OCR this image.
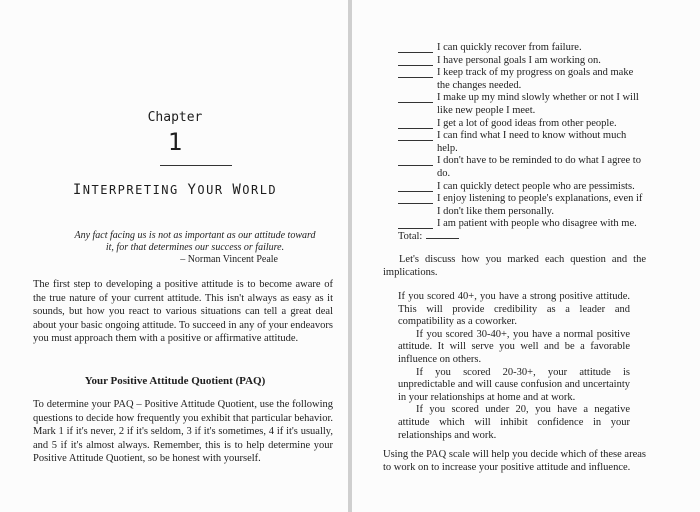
Chapter
1
INTERPRETING YOUR WORLD
Any fact facing us is not as important as our attitude toward it, for that determines our success or failure.
– Norman Vincent Peale
The first step to developing a positive attitude is to become aware of the true nature of your current attitude. This isn't always as easy as it sounds, but how you react to various situations can tell a great deal about your basic ongoing attitude. To succeed in any of your endeavors you must approach them with a positive or affirmative attitude.
Your Positive Attitude Quotient (PAQ)
To determine your PAQ – Positive Attitude Quotient, use the following questions to decide how frequently you exhibit that particular behavior. Mark 1 if it's never, 2 if it's seldom, 3 if it's sometimes, 4 if it's usually, and 5 if it's almost always. Remember, this is to help determine your Positive Attitude Quotient, so be honest with yourself.
I can quickly recover from failure.
I have personal goals I am working on.
I keep track of my progress on goals and make the changes needed.
I make up my mind slowly whether or not I will like new people I meet.
I get a lot of good ideas from other people.
I can find what I need to know without much help.
I don't have to be reminded to do what I agree to do.
I can quickly detect people who are pessimists.
I enjoy listening to people's explanations, even if I don't like them personally.
I am patient with people who disagree with me.
Total:
Let's discuss how you marked each question and the implications.
If you scored 40+, you have a strong positive attitude. This will provide credibility as a leader and compatibility as a coworker.
If you scored 30-40+, you have a normal positive attitude. It will serve you well and be a favorable influence on others.
If you scored 20-30+, your attitude is unpredictable and will cause confusion and uncertainty in your relationships at home and at work.
If you scored under 20, you have a negative attitude which will inhibit confidence in your relationships and work.
Using the PAQ scale will help you decide which of these areas to work on to increase your positive attitude and influence.
